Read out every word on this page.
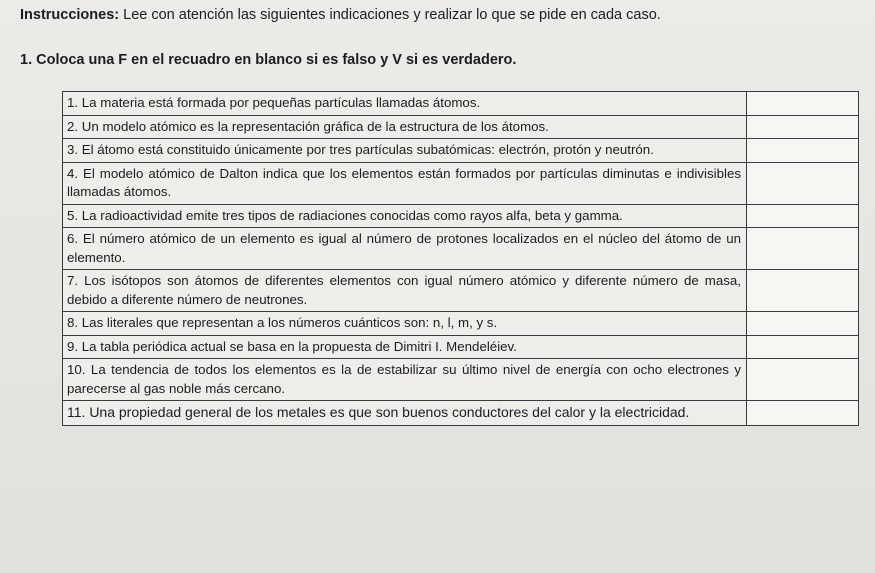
Instrucciones: Lee con atención las siguientes indicaciones y realizar lo que se pide en cada caso.
1. Coloca una F en el recuadro en blanco si es falso y V si es verdadero.
1. La materia está formada por pequeñas partículas llamadas átomos.	
2. Un modelo atómico es la representación gráfica de la estructura de los átomos.	
3. El átomo está constituido únicamente por tres partículas subatómicas: electrón, protón y neutrón.	
4. El modelo atómico de Dalton indica que los elementos están formados por partículas diminutas e indivisibles llamadas átomos.	
5. La radioactividad emite tres tipos de radiaciones conocidas como rayos alfa, beta y gamma.	
6. El número atómico de un elemento es igual al número de protones localizados en el núcleo del átomo de un elemento.	
7. Los isótopos son átomos de diferentes elementos con igual número atómico y diferente número de masa, debido a diferente número de neutrones.	
8. Las literales que representan a los números cuánticos son: n, l, m, y s.	
9. La tabla periódica actual se basa en la propuesta de Dimitri I. Mendeléiev.	
10. La tendencia de todos los elementos es la de estabilizar su último nivel de energía con ocho electrones y parecerse al gas noble más cercano.	
11. Una propiedad general de los metales es que son buenos conductores del calor y la electricidad.	
